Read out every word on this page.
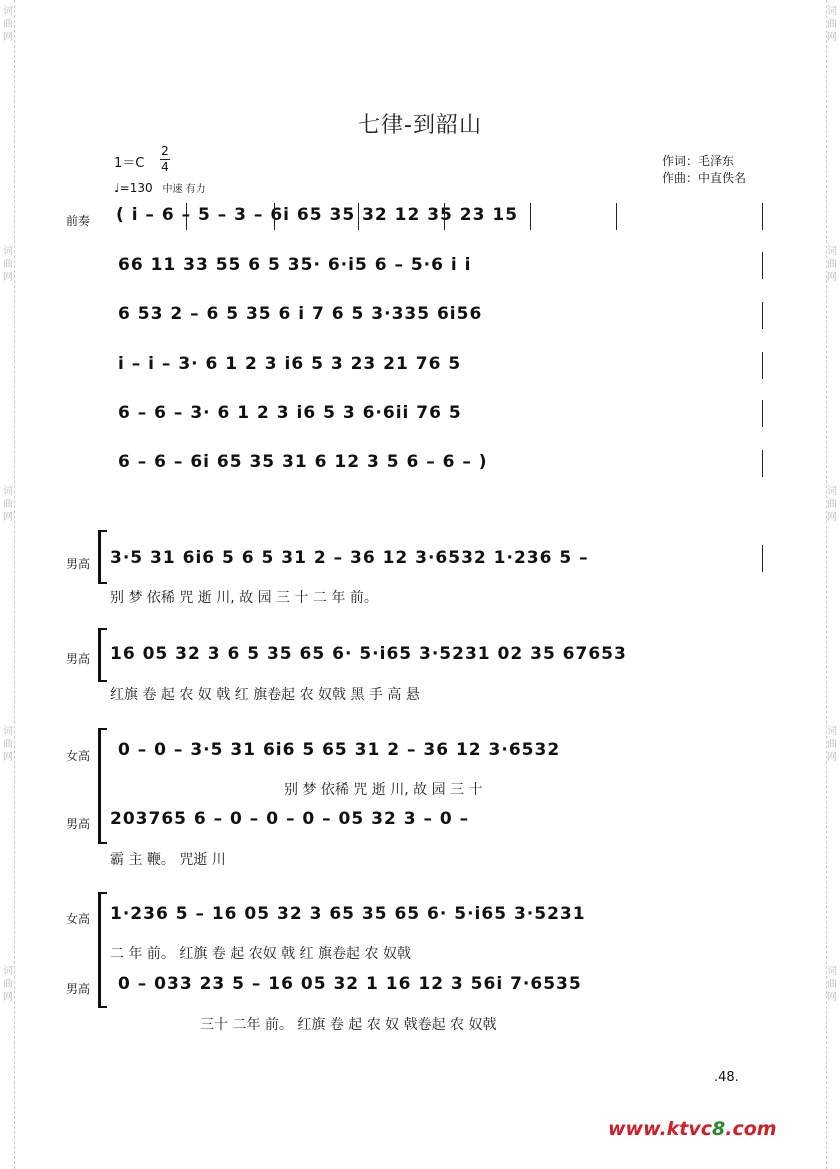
七律-到韶山
1＝C
2
4
♩=130 中速 有力
作词：毛泽东
作曲：中直佚名
前奏 ( i – 6 – 5 – 3 – 6i 65 35 32 12 35 23 15
66 11 33 55 6 5 35· 6·i5 6 – 5·6 i i
6 53 2 – 6 5 35 6 i 7 6 5 3·335 6i56
i – i – 3· 6 1 2 3 i6 5 3 23 21 76 5
6 – 6 – 3· 6 1 2 3 i6 5 3 6·6ii 76 5
6 – 6 – 6i 65 35 31 6 12 3 5 6 – 6 – )
男高 3·5 31 6i6 5 6 5 31 2 – 36 12 3·6532 1·236 5 –
别 梦 依稀 咒 逝 川, 故 园 三 十 二 年 前。
男高 16 05 32 3 6 5 35 65 6· 5·i65 3·5231 02 35 67653
红旗 卷 起 农 奴 戟 红 旗卷起 农 奴戟 黑 手 高 悬
女高 0 – 0 – 3·5 31 6i6 5 65 31 2 – 36 12 3·6532
别 梦 依稀 咒 逝 川, 故 园 三 十
男高 203765 6 – 0 – 0 – 0 – 05 32 3 – 0 –
霸 主 鞭。 咒逝 川
女高 1·236 5 – 16 05 32 3 65 35 65 6· 5·i65 3·5231
二 年 前。 红旗 卷 起 农奴 戟 红 旗卷起 农 奴戟
男高 0 – 033 23 5 – 16 05 32 1 16 12 3 56i 7·6535
三十 二年 前。 红旗 卷 起 农 奴 戟卷起 农 奴戟
.48.
www.ktvc8.com
词
曲
网
词
曲
网
词
曲
网
词
曲
网
词
曲
网
词
曲
网
词
曲
网
词
曲
网
词
曲
网
词
曲
网
